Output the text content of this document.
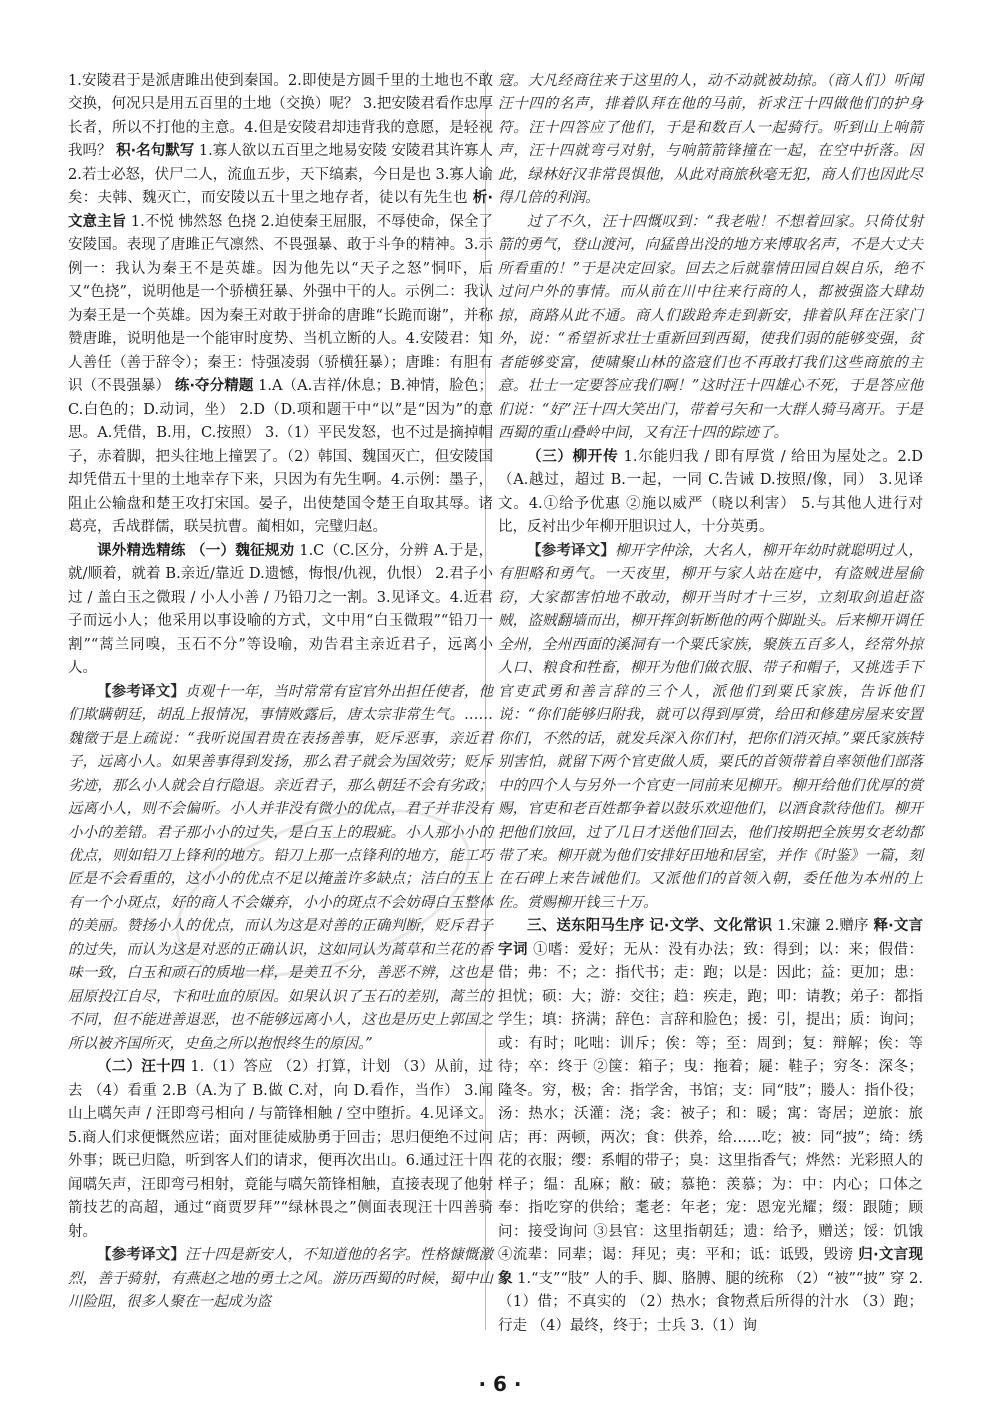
1.安陵君于是派唐雎出使到秦国。2.即使是方圆千里的土地也不敢交换，何况只是用五百里的土地（交换）呢？ 3.把安陵君看作忠厚长者，所以不打他的主意。4.但是安陵君却违背我的意愿，是轻视我吗？ 积·名句默写 1.寡人欲以五百里之地易安陵 安陵君其许寡人 2.若士必怒，伏尸二人，流血五步，天下缟素，今日是也 3.寡人谕矣：夫韩、魏灭亡，而安陵以五十里之地存者，徒以有先生也 析·文意主旨 1.不悦 怫然怒 色挠 2.迫使秦王屈服，不辱使命，保全了安陵国。表现了唐雎正气凛然、不畏强暴、敢于斗争的精神。3.示例一：我认为秦王不是英雄。因为他先以“天子之怒”恫吓，后又“色挠”，说明他是一个骄横狂暴、外强中干的人。示例二：我认为秦王是一个英雄。因为秦王对敢于拼命的唐雎“长跪而谢”，并称赞唐雎，说明他是一个能审时度势、当机立断的人。4.安陵君：知人善任（善于辞令）；秦王：恃强凌弱（骄横狂暴）；唐雎：有胆有识（不畏强暴） 练·夺分精题 1.A（A.吉祥/休息；B.神情，脸色；C.白色的；D.动词，坐） 2.D（D.项和题干中“以”是“因为”的意思。A.凭借，B.用，C.按照） 3.（1）平民发怒，也不过是摘掉帽子，赤着脚，把头往地上撞罢了。（2）韩国、魏国灭亡，但安陵国却凭借五十里的土地幸存下来，只因为有先生啊。4.示例：墨子，阻止公输盘和楚王攻打宋国。晏子，出使楚国令楚王自取其辱。诸葛亮，舌战群儒，联吴抗曹。蔺相如，完璧归赵。

课外精选精练 （一）魏征规劝 1.C（C.区分，分辨 A.于是，就/顺着，就着 B.亲近/靠近 D.遗憾，悔恨/仇视，仇恨） 2.君子小过 / 盖白玉之微瑕 / 小人小善 / 乃铅刀之一割。3.见译文。4.近君子而远小人；他采用以事设喻的方式，文中用“白玉微瑕”“铅刀一割”“蒿兰同嗅，玉石不分”等设喻，劝告君主亲近君子，远离小人。

【参考译文】贞观十一年，当时常常有宦官外出担任使者，他们欺瞒朝廷，胡乱上报情况，事情败露后，唐太宗非常生气。……魏徵于是上疏说：“我听说国君贵在表扬善事，贬斥恶事，亲近君子，远离小人。如果善事得到发扬，那么君子就会为国效劳；贬斥劣迹，那么小人就会自行隐退。亲近君子，那么朝廷不会有劣政；远离小人，则不会偏听。小人并非没有微小的优点，君子并非没有小小的差错。君子那小小的过失，是白玉上的瑕疵。小人那小小的优点，则如铅刀上锋利的地方。铅刀上那一点锋利的地方，能工巧匠是不会看重的，这小小的优点不足以掩盖许多缺点；洁白的玉上有一个小斑点，好的商人不会嫌弃，小小的斑点不会妨碍白玉整体的美丽。赞扬小人的优点，而认为这是对善的正确判断，贬斥君子的过失，而认为这是对恶的正确认识，这如同认为蒿草和兰花的香味一致，白玉和顽石的质地一样，是美丑不分，善恶不辨，这也是屈原投江自尽，卞和吐血的原因。如果认识了玉石的差别，蒿兰的不同，但不能进善退恶，也不能够远离小人，这也是历史上郭国之所以被齐国所灭，史鱼之所以抱恨终生的原因。”

（二）汪十四 1.（1）答应 （2）打算，计划 （3）从前，过去 （4）看重 2.B（A.为了 B.做 C.对，向 D.看作，当作） 3.闻山上嚆矢声 / 汪即弯弓相向 / 与箭锋相触 / 空中堕折。4.见译文。5.商人们求便慨然应诺；面对匪徒威胁勇于回击；思归便绝不过问外事；既已归隐，听到客人们的请求，便再次出山。6.通过汪十四闻嚆矢声，汪即弯弓相射，竟能与嚆矢箭锋相触，直接表现了他射箭技艺的高超，通过“商贾罗拜”“绿林畏之”侧面表现汪十四善骑射。

【参考译文】汪十四是新安人，不知道他的名字。性格慷慨激烈，善于骑射，有燕赵之地的勇士之风。游历西蜀的时候，蜀中山川险阻，很多人聚在一起成为盗

寇。大凡经商往来于这里的人，动不动就被劫掠。（商人们）听闻汪十四的名声，排着队拜在他的马前，祈求汪十四做他们的护身符。汪十四答应了他们，于是和数百人一起骑行。听到山上响箭声，汪十四就弯弓对射，与响箭箭锋撞在一起，在空中折落。因此，绿林好汉非常畏惧他，从此对商旅秋毫无犯，商人们也因此尽得几倍的利润。

过了不久，汪十四慨叹到：“我老啦！不想着回家。只倚仗射箭的勇气，登山渡河，向猛兽出没的地方来博取名声，不是大丈夫所看重的！”于是决定回家。回去之后就靠情田园自娱自乐，绝不过问户外的事情。而从前在川中往来行商的人，都被强盗大肆劫掠，商路从此不通。商人们跋跄奔走到新安，排着队拜在汪家门外，说：“希望祈求壮士重新回到西蜀，使我们弱的能够变强，贫者能够变富，使啸聚山林的盗寇们也不再敢打我们这些商旅的主意。壮士一定要答应我们啊！”这时汪十四雄心不死，于是答应他们说：“好”汪十四大笑出门，带着弓矢和一大群人骑马离开。于是西蜀的重山叠岭中间，又有汪十四的踪迹了。

（三）柳开传 1.尔能归我 / 即有厚赏 / 给田为屋处之。2.D（A.越过，超过 B.一起，一同 C.告诫 D.按照/像，同） 3.见译文。4.①给予优惠 ②施以威严（晓以利害） 5.与其他人进行对比，反衬出少年柳开胆识过人，十分英勇。

【参考译文】柳开字仲涂，大名人，柳开年幼时就聪明过人，有胆略和勇气。一天夜里，柳开与家人站在庭中，有盗贼进屋偷窃，大家都害怕地不敢动，柳开当时才十三岁，立刻取剑追赶盗贼，盗贼翻墙而出，柳开挥剑斩断他的两个脚趾头。后来柳开调任全州，全州西面的溪洞有一个粟氏家族，聚族五百多人，经常外掠人口、粮食和牲畜，柳开为他们做衣服、带子和帽子，又挑选手下官吏武勇和善言辞的三个人，派他们到粟氏家族，告诉他们说：“你们能够归附我，就可以得到厚赏，给田和修建房屋来安置你们，不然的话，就发兵深入你们村，把你们消灭掉。”粟氏家族特别害怕，就留下两个官吏做人质，粟氏的首领带着自率领他们部落中的四个人与另外一个官吏一同前来见柳开。柳开给他们优厚的赏赐，官吏和老百姓都争着以鼓乐欢迎他们，以酒食款待他们。柳开把他们放回，过了几日才送他们回去，他们按期把全族男女老幼都带了来。柳开就为他们安排好田地和居室，并作《时鉴》一篇，刻在石碑上来告诫他们。又派他们的首领入朝，委任他为本州的上佐。赏赐柳开钱三十万。

三、送东阳马生序 记·文学、文化常识 1.宋濂 2.赠序 释·文言字词 ①嗜：爱好；无从：没有办法；致：得到；以：来；假借：借；弗：不；之：指代书；走：跑；以是：因此；益：更加；患：担忧；硕：大；游：交往；趋：疾走，跑；叩：请教；弟子：都指学生；填：挤满；辞色：言辞和脸色；援：引，提出；质：询问；或：有时；叱咄：训斥；俟：等；至：周到；复：辩解；俟：等待；卒：终于 ②箧：箱子；曳：拖着；屣：鞋子；穷冬：深冬；隆冬。穷，极；舍：指学舍，书馆；支：同“肢”；媵人：指仆役；汤：热水；沃灌：浇；衾：被子；和：暖；寓：寄居；逆旅：旅店；再：两顿，两次；食：供养，给……吃；被：同“披”；绮：绣花的衣服；缨：系帽的带子；臭：这里指香气；烨然：光彩照人的样子；缊：乱麻；敝：破；慕艳：羡慕；为：中：内心；口体之奉：指吃穿的供给；耄老：年老；宠：恩宠光耀；缀：跟随；顾问：接受询问 ③县官：这里指朝廷；遗：给予，赠送；馁：饥饿 ④流辈：同辈；谒：拜见；夷：平和；诋：诋毁，毁谤 归·文言现象 1.“支”“肢” 人的手、脚、胳膊、腿的统称 （2）“被”“披” 穿 2.（1）借；不真实的 （2）热水；食物煮后所得的汁水 （3）跑；行走 （4）最终，终于；士兵 3.（1）询

· 6 ·
